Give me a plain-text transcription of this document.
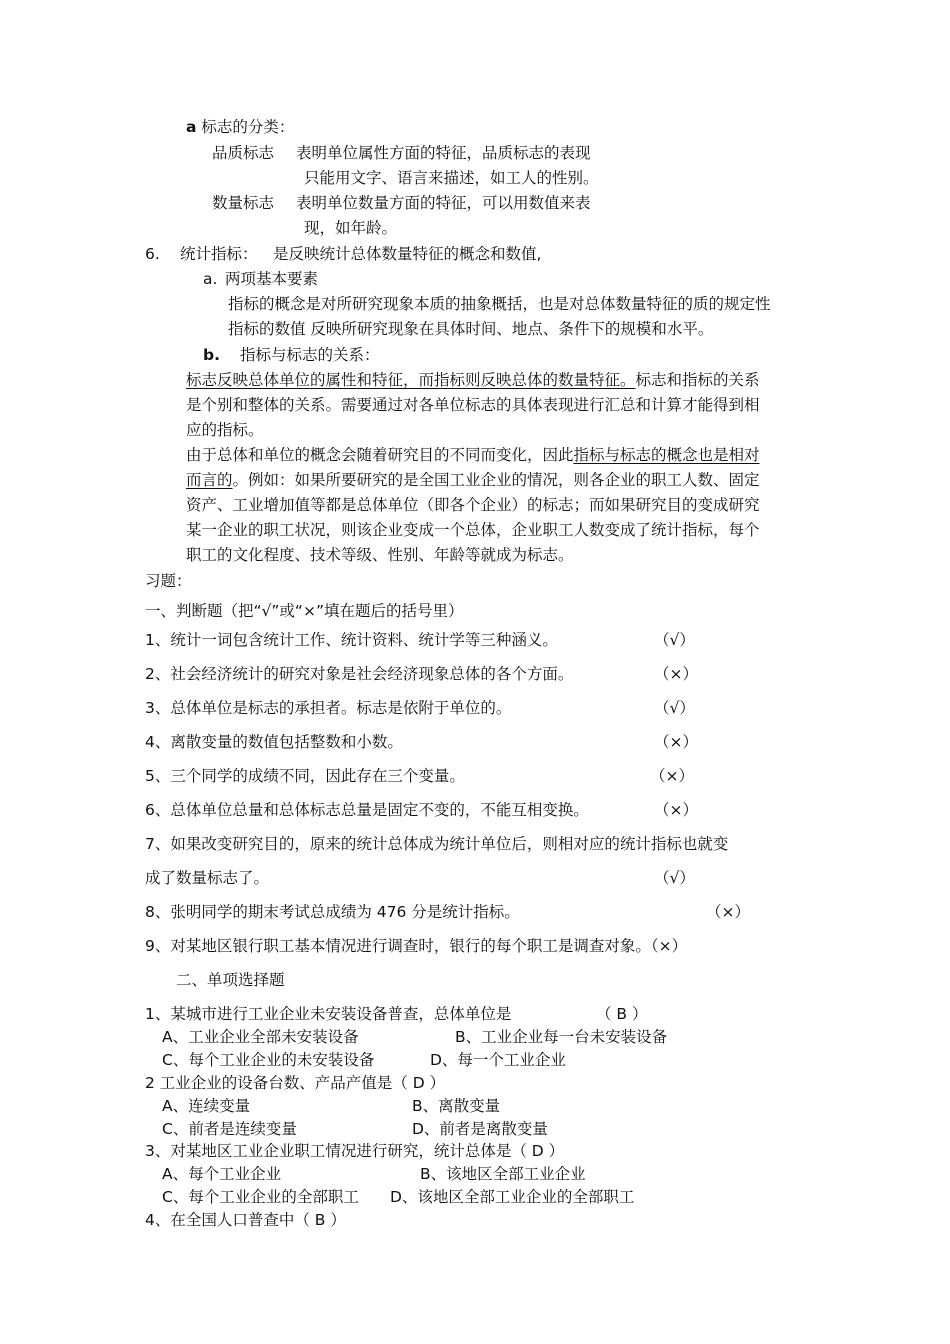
a 标志的分类：
品质标志 表明单位属性方面的特征，品质标志的表现
只能用文字、语言来描述，如工人的性别。
数量标志 表明单位数量方面的特征，可以用数值来表
现，如年龄。
6. 统计指标： 是反映统计总体数量特征的概念和数值,
a. 两项基本要素
指标的概念是对所研究现象本质的抽象概括，也是对总体数量特征的质的规定性
指标的数值 反映所研究现象在具体时间、地点、条件下的规模和水平。
b. 指标与标志的关系：
标志反映总体单位的属性和特征，而指标则反映总体的数量特征。标志和指标的关系
是个别和整体的关系。需要通过对各单位标志的具体表现进行汇总和计算才能得到相
应的指标。
由于总体和单位的概念会随着研究目的不同而变化，因此指标与标志的概念也是相对
而言的。例如：如果所要研究的是全国工业企业的情况，则各企业的职工人数、固定
资产、工业增加值等都是总体单位（即各个企业）的标志；而如果研究目的变成研究
某一企业的职工状况，则该企业变成一个总体，企业职工人数变成了统计指标，每个
职工的文化程度、技术等级、性别、年龄等就成为标志。
习题：
一、判断题（把“√”或“×”填在题后的括号里）
1、统计一词包含统计工作、统计资料、统计学等三种涵义。	（√）
2、社会经济统计的研究对象是社会经济现象总体的各个方面。	（×）
3、总体单位是标志的承担者。标志是依附于单位的。	（√）
4、离散变量的数值包括整数和小数。	（×）
5、三个同学的成绩不同，因此存在三个变量。	（×）
6、总体单位总量和总体标志总量是固定不变的，不能互相变换。	（×）
7、如果改变研究目的，原来的统计总体成为统计单位后，则相对应的统计指标也就变
成了数量标志了。	（√）
8、张明同学的期末考试总成绩为 476 分是统计指标。	（×）
9、对某地区银行职工基本情况进行调查时，银行的每个职工是调查对象。（×）
二、单项选择题
1、某城市进行工业企业未安装设备普查，总体单位是	（ B ）
A、工业企业全部未安装设备	B、工业企业每一台未安装设备
C、每个工业企业的未安装设备	D、每一个工业企业
2 工业企业的设备台数、产品产值是（ D ）
A、连续变量	B、离散变量
C、前者是连续变量	D、前者是离散变量
3、对某地区工业企业职工情况进行研究，统计总体是（ D ）
A、每个工业企业	B、该地区全部工业企业
C、每个工业企业的全部职工 D、该地区全部工业企业的全部职工
4、在全国人口普查中（ B ）
